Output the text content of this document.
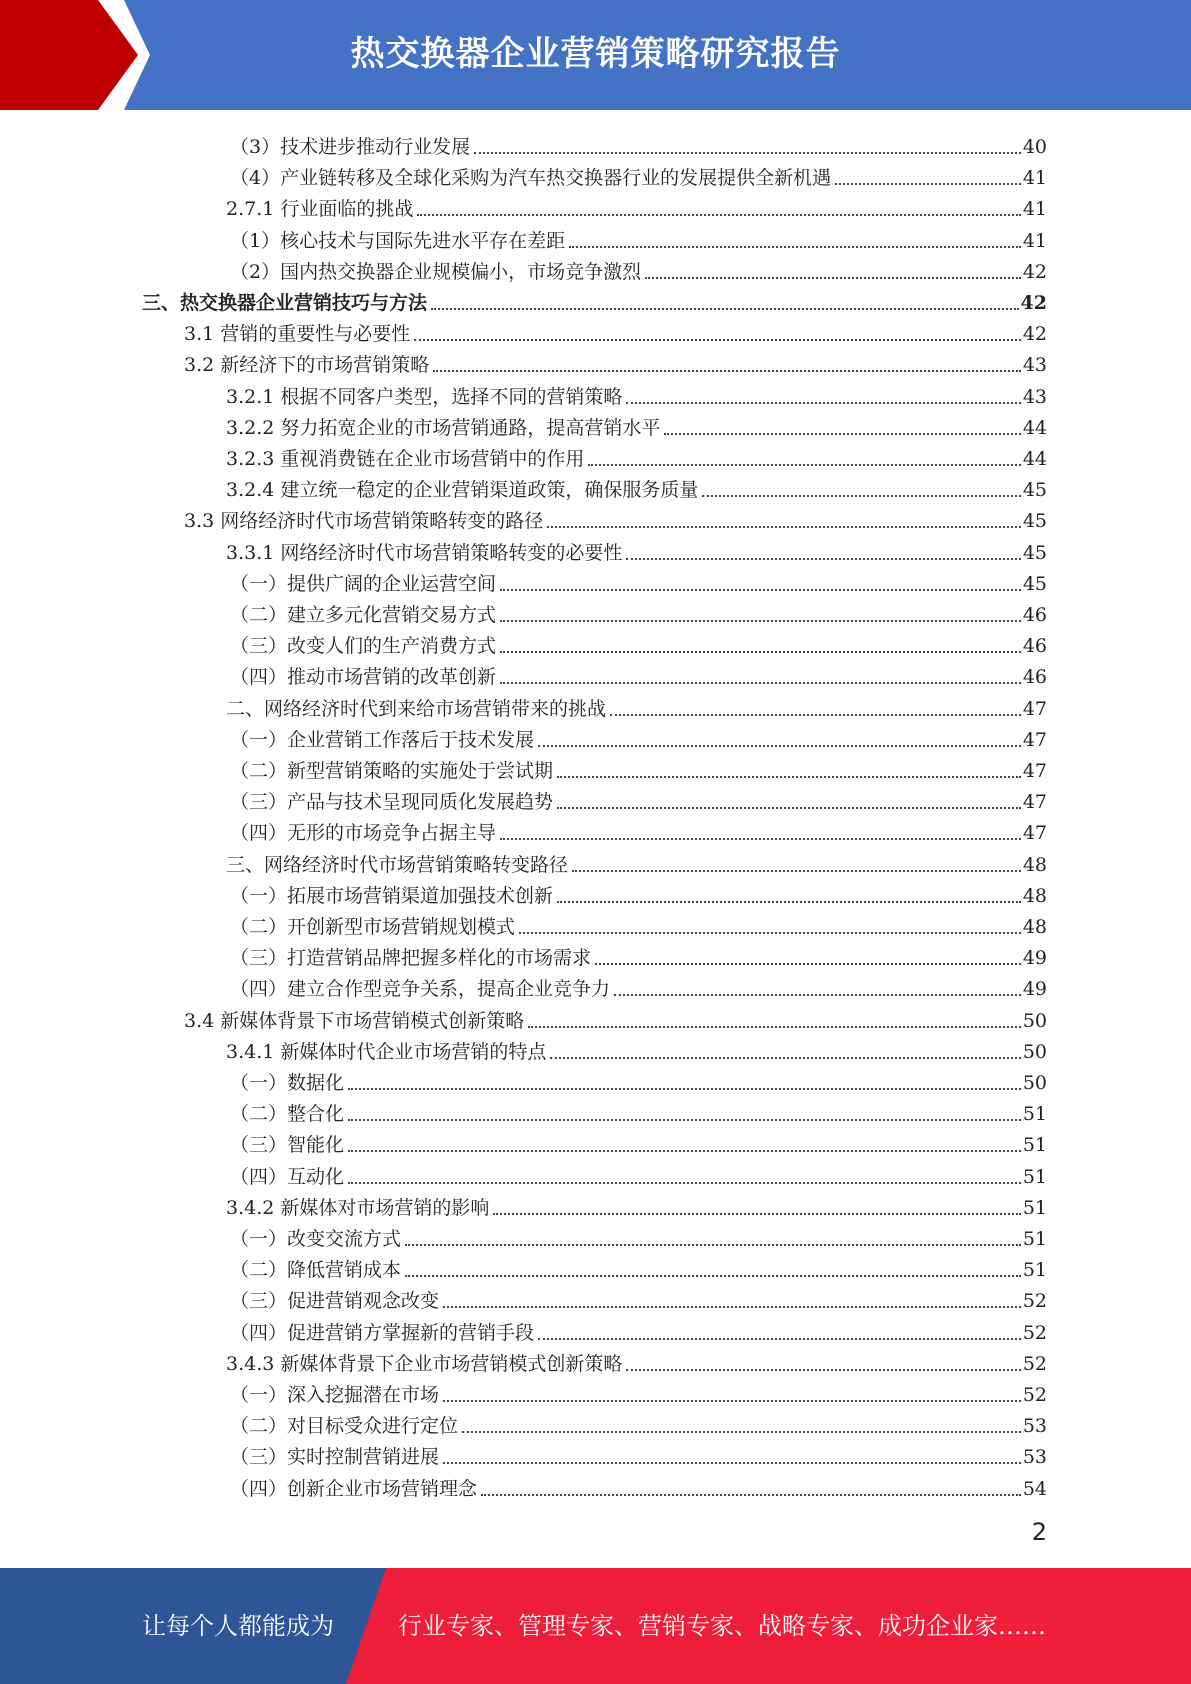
热交换器企业营销策略研究报告
（3）技术进步推动行业发展	40
（4）产业链转移及全球化采购为汽车热交换器行业的发展提供全新机遇	41
2.7.1 行业面临的挑战	41
（1）核心技术与国际先进水平存在差距	41
（2）国内热交换器企业规模偏小，市场竞争激烈	42
三、热交换器企业营销技巧与方法	42
3.1 营销的重要性与必要性	42
3.2 新经济下的市场营销策略	43
3.2.1 根据不同客户类型，选择不同的营销策略	43
3.2.2 努力拓宽企业的市场营销通路，提高营销水平	44
3.2.3 重视消费链在企业市场营销中的作用	44
3.2.4 建立统一稳定的企业营销渠道政策，确保服务质量	45
3.3 网络经济时代市场营销策略转变的路径	45
3.3.1 网络经济时代市场营销策略转变的必要性	45
（一）提供广阔的企业运营空间	45
（二）建立多元化营销交易方式	46
（三）改变人们的生产消费方式	46
（四）推动市场营销的改革创新	46
二、网络经济时代到来给市场营销带来的挑战	47
（一）企业营销工作落后于技术发展	47
（二）新型营销策略的实施处于尝试期	47
（三）产品与技术呈现同质化发展趋势	47
（四）无形的市场竞争占据主导	47
三、网络经济时代市场营销策略转变路径	48
（一）拓展市场营销渠道加强技术创新	48
（二）开创新型市场营销规划模式	48
（三）打造营销品牌把握多样化的市场需求	49
（四）建立合作型竞争关系，提高企业竞争力	49
3.4 新媒体背景下市场营销模式创新策略	50
3.4.1 新媒体时代企业市场营销的特点	50
（一）数据化	50
（二）整合化	51
（三）智能化	51
（四）互动化	51
3.4.2 新媒体对市场营销的影响	51
（一）改变交流方式	51
（二）降低营销成本	51
（三）促进营销观念改变	52
（四）促进营销方掌握新的营销手段	52
3.4.3 新媒体背景下企业市场营销模式创新策略	52
（一）深入挖掘潜在市场	52
（二）对目标受众进行定位	53
（三）实时控制营销进展	53
（四）创新企业市场营销理念	54
2
让每个人都能成为	行业专家、管理专家、营销专家、战略专家、成功企业家……
